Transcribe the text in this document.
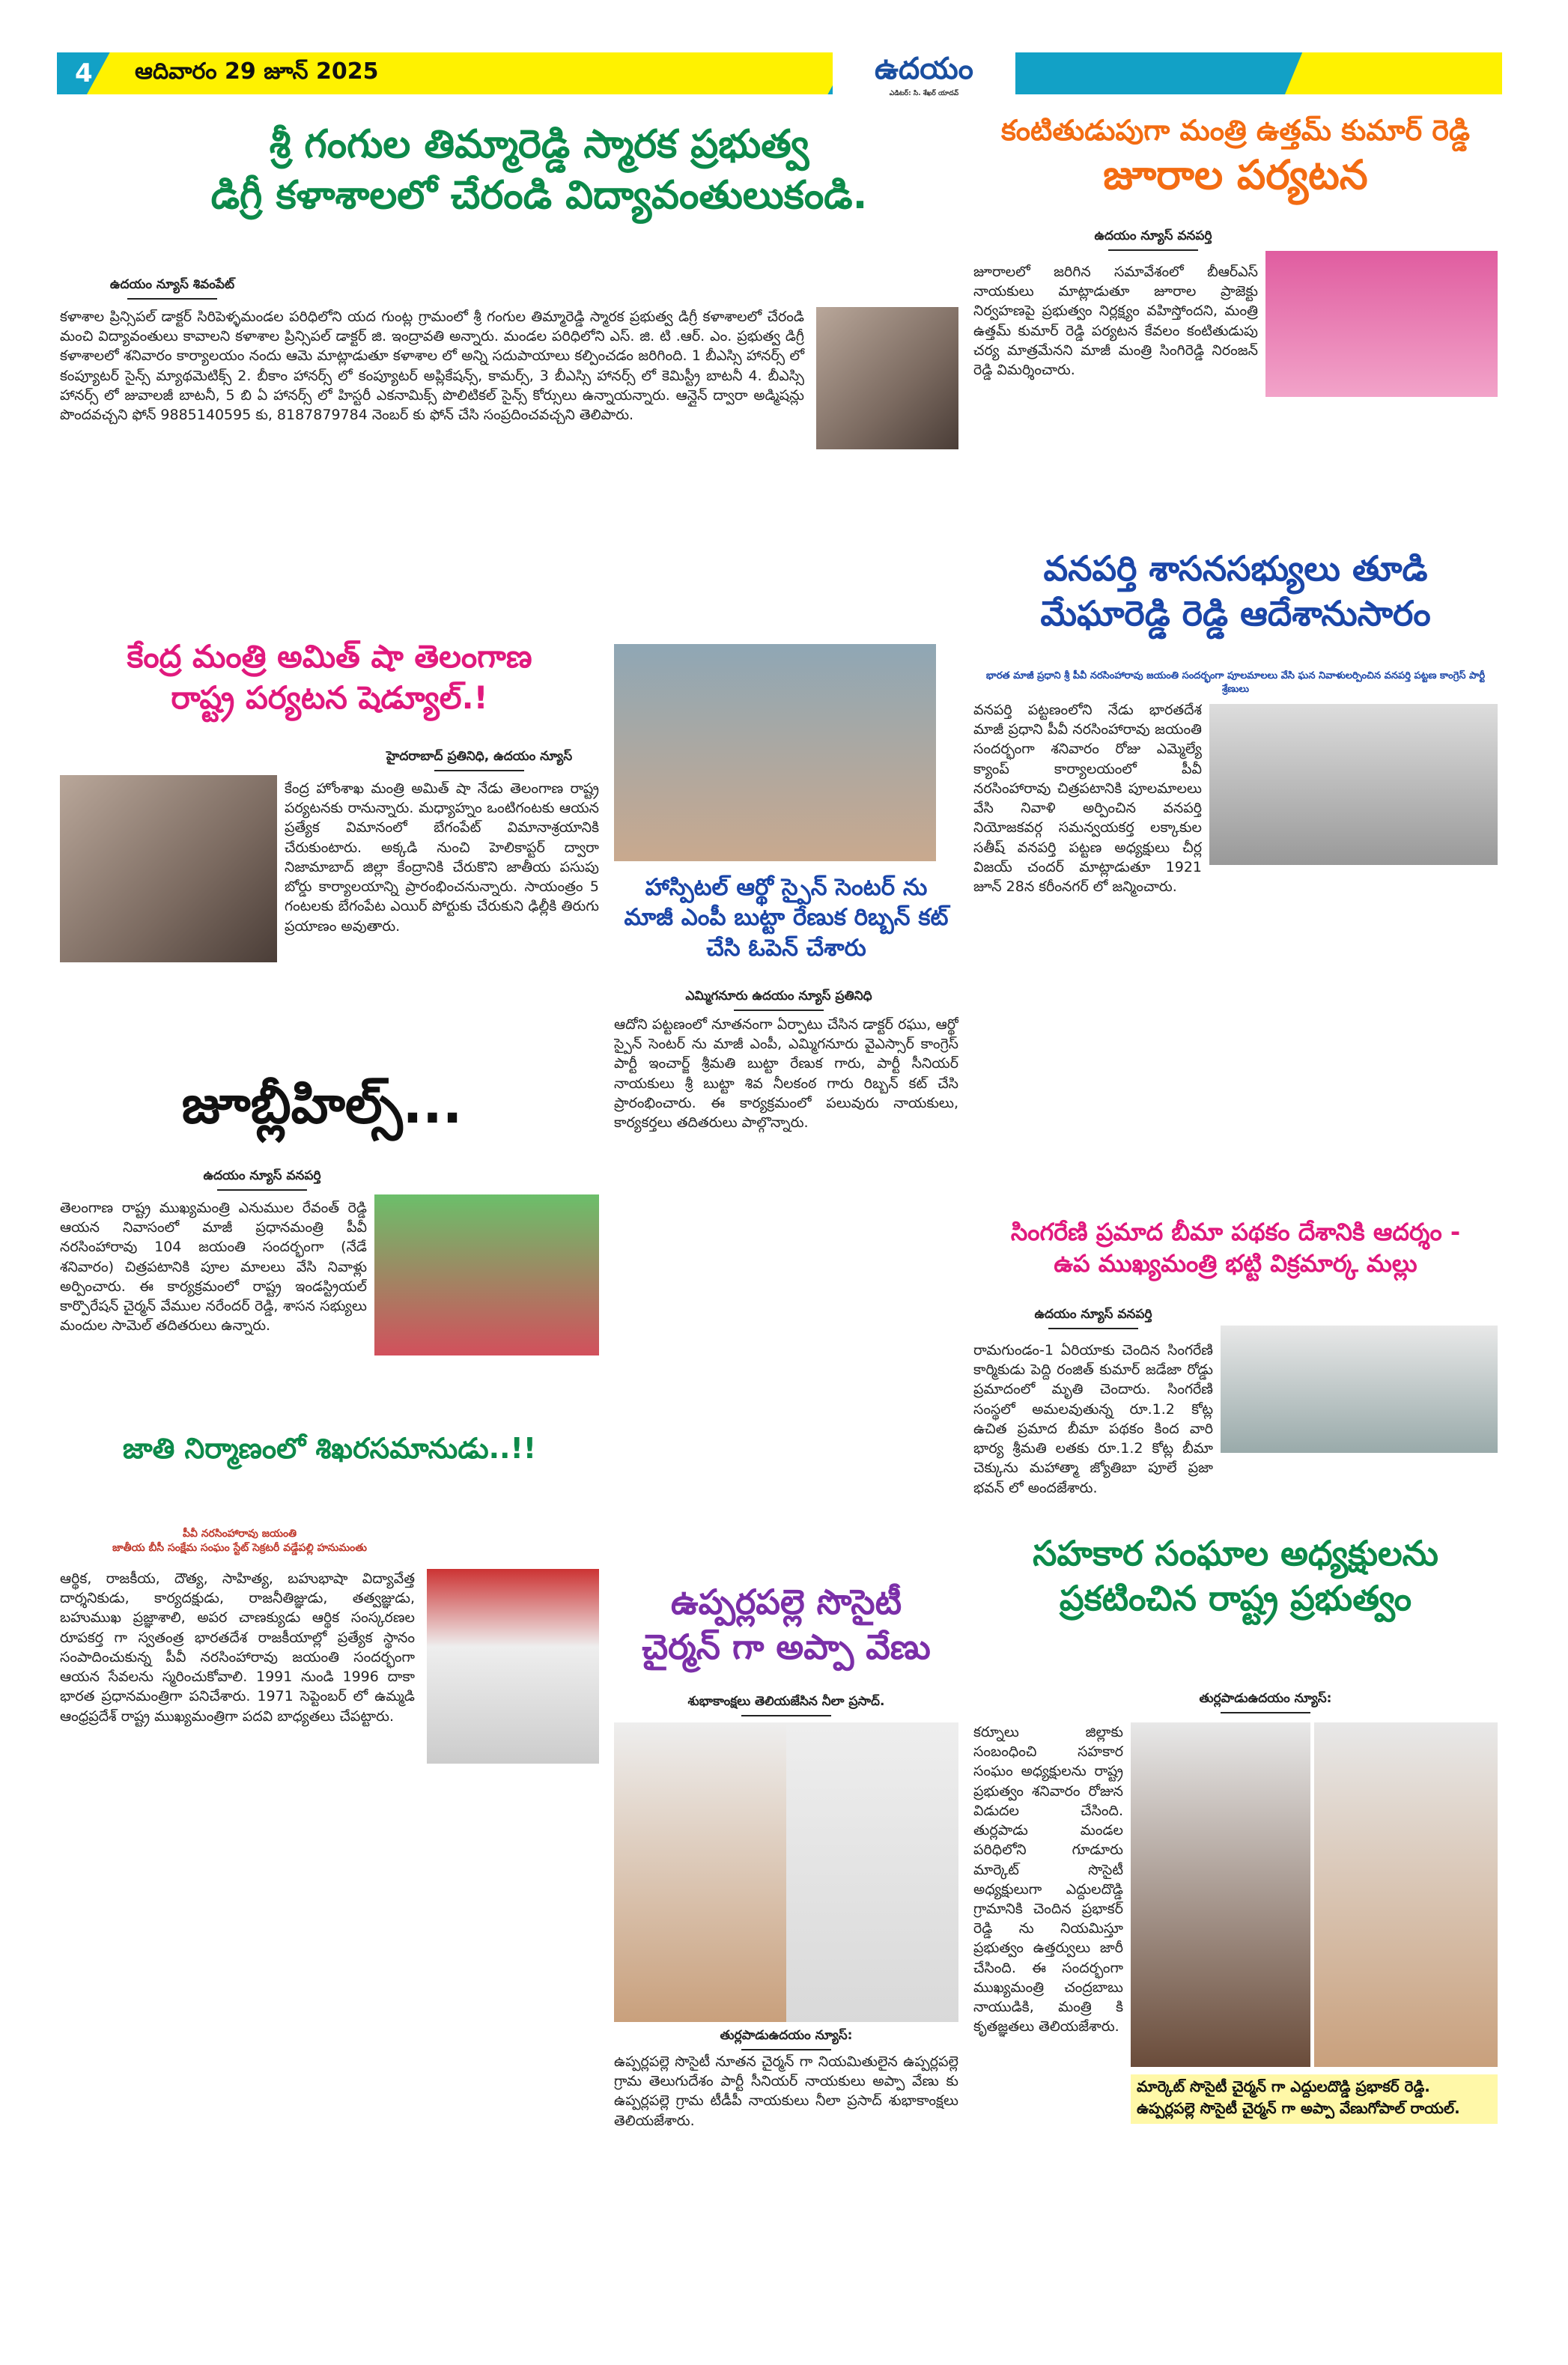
4 ఆదివారం 29 జూన్ 2025	ఉదయం
ఎడిటర్: సి. శేఖర్ యాదవ్
శ్రీ గంగుల తిమ్మారెడ్డి స్మారక ప్రభుత్వ
డిగ్రీ కళాశాలలో చేరండి విద్యావంతులుకండి.
ఉదయం న్యూస్ శివంపేట్
కళాశాల ప్రిన్సిపల్ డాక్టర్ సిరిపెళ్ళమండల పరిధిలోని యద గుంట్ల గ్రామంలో శ్రీ గంగుల తిమ్మారెడ్డి స్మారక ప్రభుత్వ డిగ్రీ కళాశాలలో చేరండి మంచి విద్యావంతులు కావాలని కళాశాల ప్రిన్సిపల్ డాక్టర్ జి. ఇంద్రావతి అన్నారు. మండల పరిధిలోని ఎస్. జి. టి .ఆర్. ఎం. ప్రభుత్వ డిగ్రీ కళాశాలలో శనివారం కార్యాలయం నందు ఆమె మాట్లాడుతూ కళాశాల లో అన్ని సదుపాయాలు కల్పించడం జరిగింది. 1 బీఎస్సి హానర్స్ లో కంప్యూటర్ సైన్స్ మ్యాథమెటిక్స్ 2. బీకాం హానర్స్ లో కంప్యూటర్ అప్లికేషన్స్, కామర్స్, 3 బీఎస్సి హానర్స్ లో కెమిస్ట్రీ బాటనీ 4. బీఎస్సి హానర్స్ లో జువాలజీ బాటనీ, 5 బి ఏ హానర్స్ లో హిస్టరీ ఎకనామిక్స్ పొలిటికల్ సైన్స్ కోర్సులు ఉన్నాయన్నారు. ఆన్లైన్ ద్వారా అడ్మిషన్లు పొందవచ్చని ఫోన్ 9885140595 కు, 8187879784 నెంబర్ కు ఫోన్ చేసి సంప్రదించవచ్చని తెలిపారు.
కంటితుడుపుగా మంత్రి ఉత్తమ్ కుమార్ రెడ్డి
జూరాల పర్యటన
ఉదయం న్యూస్ వనపర్తి
జూరాలలో జరిగిన సమావేశంలో బీఆర్ఎస్ నాయకులు మాట్లాడుతూ జూరాల ప్రాజెక్టు నిర్వహణపై ప్రభుత్వం నిర్లక్ష్యం వహిస్తోందని, మంత్రి ఉత్తమ్ కుమార్ రెడ్డి పర్యటన కేవలం కంటితుడుపు చర్య మాత్రమేనని మాజీ మంత్రి సింగిరెడ్డి నిరంజన్ రెడ్డి విమర్శించారు.
వనపర్తి శాసనసభ్యులు తూడి
మేఘారెడ్డి రెడ్డి ఆదేశానుసారం
భారత మాజీ ప్రధాని శ్రీ పీవీ నరసింహారావు జయంతి సందర్భంగా పూలమాలలు వేసి ఘన నివాళులర్పించిన వనపర్తి పట్టణ కాంగ్రెస్ పార్టీ శ్రేణులు
వనపర్తి పట్టణంలోని నేడు భారతదేశ మాజీ ప్రధాని పీవీ నరసింహారావు జయంతి సందర్భంగా శనివారం రోజు ఎమ్మెల్యే క్యాంప్ కార్యాలయంలో పీవీ నరసింహారావు చిత్రపటానికి పూలమాలలు వేసి నివాళి అర్పించిన వనపర్తి నియోజకవర్గ సమన్వయకర్త లక్కాకుల సతీష్ వనపర్తి పట్టణ అధ్యక్షులు చీర్ల విజయ్ చందర్ మాట్లాడుతూ 1921 జూన్ 28న కరీంనగర్ లో జన్మించారు.
కేంద్ర మంత్రి అమిత్ షా తెలంగాణ
రాష్ట్ర పర్యటన షెడ్యూల్.!
హైదరాబాద్ ప్రతినిధి, ఉదయం న్యూస్
కేంద్ర హోంశాఖ మంత్రి అమిత్ షా నేడు తెలంగాణ రాష్ట్ర పర్యటనకు రానున్నారు. మధ్యాహ్నం ఒంటిగంటకు ఆయన ప్రత్యేక విమానంలో బేగంపేట్ విమానాశ్రయానికి చేరుకుంటారు. అక్కడి నుంచి హెలికాప్టర్ ద్వారా నిజామాబాద్ జిల్లా కేంద్రానికి చేరుకొని జాతీయ పసుపు బోర్డు కార్యాలయాన్ని ప్రారంభించనున్నారు. సాయంత్రం 5 గంటలకు బేగంపేట ఎయిర్ పోర్టుకు చేరుకుని ఢిల్లీకి తిరుగు ప్రయాణం అవుతారు.
హాస్పిటల్ ఆర్థో స్పైన్ సెంటర్ ను
మాజీ ఎంపీ బుట్టా రేణుక రిబ్బన్ కట్
చేసి ఓపెన్ చేశారు
ఎమ్మిగనూరు ఉదయం న్యూస్ ప్రతినిధి
ఆదోని పట్టణంలో నూతనంగా ఏర్పాటు చేసిన డాక్టర్ రఘు, ఆర్థో స్పైన్ సెంటర్ ను మాజీ ఎంపీ, ఎమ్మిగనూరు వైఎస్సార్ కాంగ్రెస్ పార్టీ ఇంచార్జ్ శ్రీమతి బుట్టా రేణుక గారు, పార్టీ సీనియర్ నాయకులు శ్రీ బుట్టా శివ నీలకంఠ గారు రిబ్బన్ కట్ చేసి ప్రారంభించారు. ఈ కార్యక్రమంలో పలువురు నాయకులు, కార్యకర్తలు తదితరులు పాల్గొన్నారు.
జూబ్లీహిల్స్...
ఉదయం న్యూస్ వనపర్తి
తెలంగాణ రాష్ట్ర ముఖ్యమంత్రి ఎనుముల రేవంత్ రెడ్డి ఆయన నివాసంలో మాజీ ప్రధానమంత్రి పీవీ నరసింహారావు 104 జయంతి సందర్భంగా (నేడే శనివారం) చిత్రపటానికి పూల మాలలు వేసి నివాళ్లు అర్పించారు. ఈ కార్యక్రమంలో రాష్ట్ర ఇండస్ట్రియల్ కార్పొరేషన్ చైర్మన్ వేముల నరేందర్ రెడ్డి, శాసన సభ్యులు మందుల సామెల్ తదితరులు ఉన్నారు.
సింగరేణి ప్రమాద బీమా పథకం దేశానికి ఆదర్శం -
ఉప ముఖ్యమంత్రి భట్టి విక్రమార్క మల్లు
ఉదయం న్యూస్ వనపర్తి
రామగుండం-1 ఏరియాకు చెందిన సింగరేణి కార్మికుడు పెద్ది రంజిత్ కుమార్ జడేజా రోడ్డు ప్రమాదంలో మృతి చెందారు. సింగరేణి సంస్థలో అమలవుతున్న రూ.1.2 కోట్ల ఉచిత ప్రమాద బీమా పథకం కింద వారి భార్య శ్రీమతి లతకు రూ.1.2 కోట్ల బీమా చెక్కును మహాత్మా జ్యోతిబా పూలే ప్రజా భవన్ లో అందజేశారు.
జాతి నిర్మాణంలో శిఖరసమానుడు..!!
పీవీ నరసింహారావు జయంతి
జాతీయ బీసీ సంక్షేమ సంఘం స్టేట్ సెక్రటరీ వడ్డేపల్లి హనుమంతు
ఆర్థిక, రాజకీయ, దౌత్య, సాహిత్య, బహుభాషా విద్యావేత్త దార్శనికుడు, కార్యదక్షుడు, రాజనీతిజ్ఞుడు, తత్వజ్ఞుడు, బహుముఖ ప్రజ్ఞాశాలి, అపర చాణక్యుడు ఆర్థిక సంస్కరణల రూపకర్త గా స్వతంత్ర భారతదేశ రాజకీయాల్లో ప్రత్యేక స్థానం సంపాదించుకున్న పీవీ నరసింహారావు జయంతి సందర్భంగా ఆయన సేవలను స్మరించుకోవాలి. 1991 నుండి 1996 దాకా భారత ప్రధానమంత్రిగా పనిచేశారు. 1971 సెప్టెంబర్ లో ఉమ్మడి ఆంధ్రప్రదేశ్ రాష్ట్ర ముఖ్యమంత్రిగా పదవి బాధ్యతలు చేపట్టారు.
ఉప్పర్లపల్లె సొసైటీ
చైర్మన్ గా అప్పా వేణు
శుభాకాంక్షలు తెలియజేసిన నీలా ప్రసాద్.
తుర్లపాడుఉదయం న్యూస్:
ఉప్పర్లపల్లె సొసైటీ నూతన చైర్మన్ గా నియమితులైన ఉప్పర్లపల్లె గ్రామ తెలుగుదేశం పార్టీ సీనియర్ నాయకులు అప్పా వేణు కు ఉప్పర్లపల్లె గ్రామ టీడీపీ నాయకులు నీలా ప్రసాద్ శుభాకాంక్షలు తెలియజేశారు.
సహకార సంఘాల అధ్యక్షులను
ప్రకటించిన రాష్ట్ర ప్రభుత్వం
తుర్లపాడుఉదయం న్యూస్:
కర్నూలు జిల్లాకు సంబంధించి సహకార సంఘం అధ్యక్షులను రాష్ట్ర ప్రభుత్వం శనివారం రోజున విడుదల చేసింది. తుర్లపాడు మండల పరిధిలోని గూడూరు మార్కెట్ సొసైటీ అధ్యక్షులుగా ఎద్దులదొడ్డి గ్రామానికి చెందిన ప్రభాకర్ రెడ్డి ను నియమిస్తూ ప్రభుత్వం ఉత్తర్వులు జారీ చేసింది. ఈ సందర్భంగా ముఖ్యమంత్రి చంద్రబాబు నాయుడికి, మంత్రి కి కృతజ్ఞతలు తెలియజేశారు.
మార్కెట్ సొసైటీ చైర్మన్ గా ఎద్దులదొడ్డి ప్రభాకర్ రెడ్డి.
ఉప్పర్లపల్లె సొసైటీ చైర్మన్ గా అప్పా వేణుగోపాల్ రాయల్.
